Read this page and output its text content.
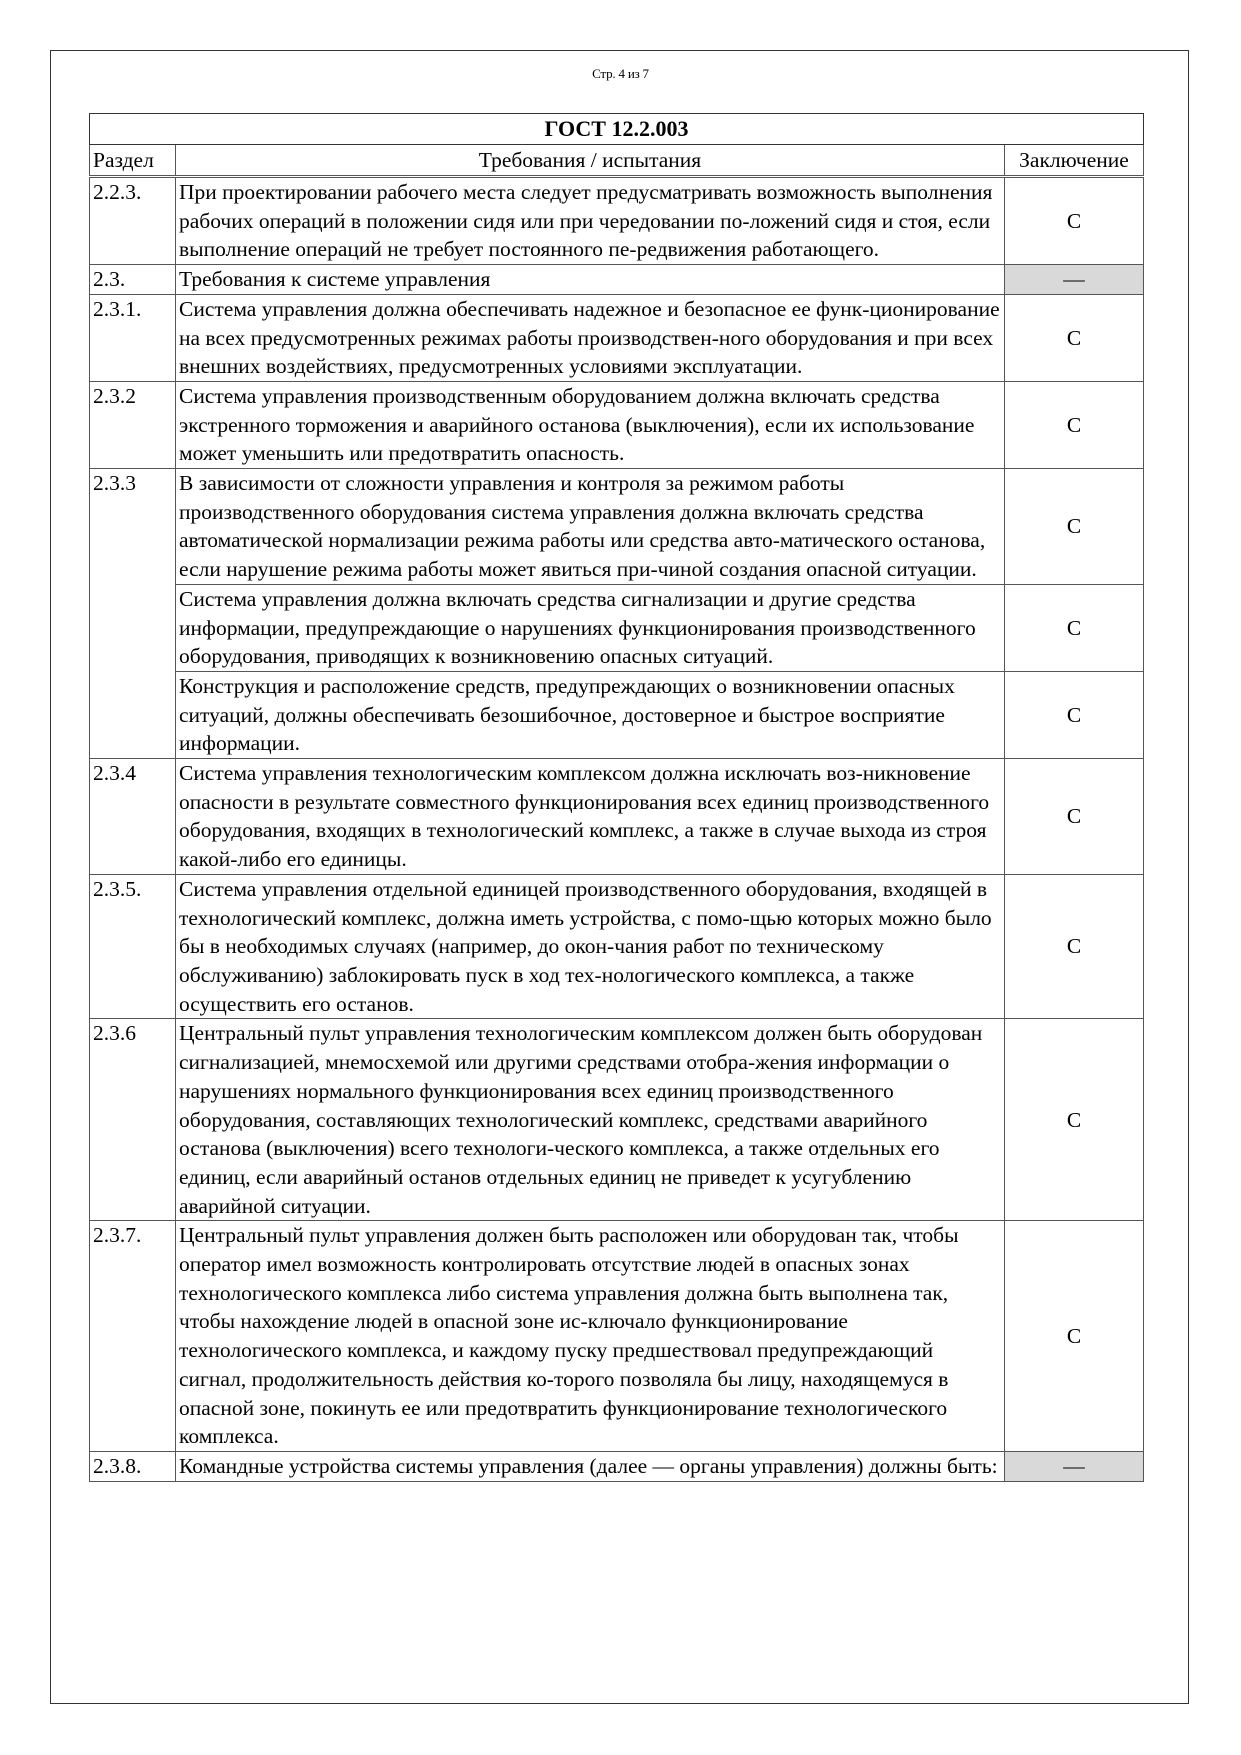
Стр. 4 из 7
ГОСТ 12.2.003		
Раздел	Требования / испытания	Заключение
2.2.3.	При проектировании рабочего места следует предусматривать возможность выполнения рабочих операций в положении сидя или при чередовании по-ложений сидя и стоя, если выполнение операций не требует постоянного пе-редвижения работающего.	С
2.3.	Требования к системе управления	—
2.3.1.	Система управления должна обеспечивать надежное и безопасное ее функ-ционирование на всех предусмотренных режимах работы производствен-ного оборудования и при всех внешних воздействиях, предусмотренных условиями эксплуатации.	С
2.3.2	Система управления производственным оборудованием должна включать средства экстренного торможения и аварийного останова (выключения), если их использование может уменьшить или предотвратить опасность.	С
2.3.3	В зависимости от сложности управления и контроля за режимом работы производственного оборудования система управления должна включать средства автоматической нормализации режима работы или средства авто-матического останова, если нарушение режима работы может явиться при-чиной создания опасной ситуации.	С
	Система управления должна включать средства сигнализации и другие средства информации, предупреждающие о нарушениях функционирования производственного оборудования, приводящих к возникновению опасных ситуаций.	С
	Конструкция и расположение средств, предупреждающих о возникновении опасных ситуаций, должны обеспечивать безошибочное, достоверное и быстрое восприятие информации.	С
2.3.4	Система управления технологическим комплексом должна исключать воз-никновение опасности в результате совместного функционирования всех единиц производственного оборудования, входящих в технологический комплекс, а также в случае выхода из строя какой-либо его единицы.	С
2.3.5.	Система управления отдельной единицей производственного оборудования, входящей в технологический комплекс, должна иметь устройства, с помо-щью которых можно было бы в необходимых случаях (например, до окон-чания работ по техническому обслуживанию) заблокировать пуск в ход тех-нологического комплекса, а также осуществить его останов.	С
2.3.6	Центральный пульт управления технологическим комплексом должен быть оборудован сигнализацией, мнемосхемой или другими средствами отобра-жения информации о нарушениях нормального функционирования всех единиц производственного оборудования, составляющих технологический комплекс, средствами аварийного останова (выключения) всего технологи-ческого комплекса, а также отдельных его единиц, если аварийный останов отдельных единиц не приведет к усугублению аварийной ситуации.	С
2.3.7.	Центральный пульт управления должен быть расположен или оборудован так, чтобы оператор имел возможность контролировать отсутствие людей в опасных зонах технологического комплекса либо система управления должна быть выполнена так, чтобы нахождение людей в опасной зоне ис-ключало функционирование технологического комплекса, и каждому пуску предшествовал предупреждающий сигнал, продолжительность действия ко-торого позволяла бы лицу, находящемуся в опасной зоне, покинуть ее или предотвратить функционирование технологического комплекса.	С
2.3.8.	Командные устройства системы управления (далее — органы управления) должны быть:	—
